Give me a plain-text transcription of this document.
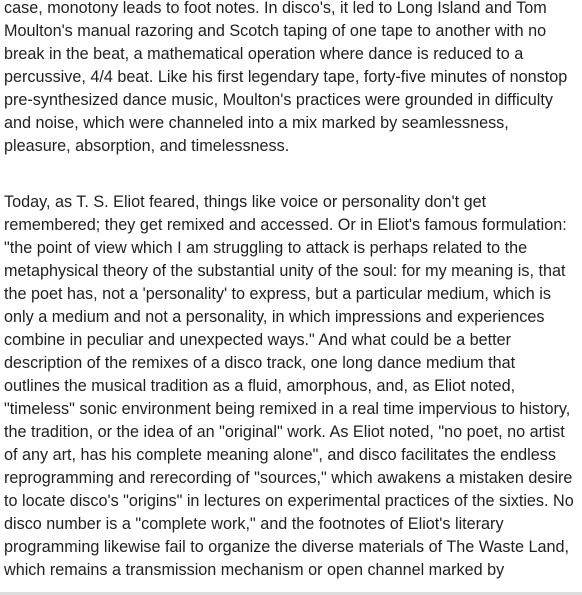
case, monotony leads to foot notes. In disco's, it led to Long Island and Tom
Moulton's manual razoring and Scotch taping of one tape to another with no
break in the beat, a mathematical operation where dance is reduced to a
percussive, 4/4 beat. Like his first legendary tape, forty-five minutes of nonstop
pre-synthesized dance music, Moulton's practices were grounded in difficulty
and noise, which were channeled into a mix marked by seamlessness,
pleasure, absorption, and timelessness.
Today, as T. S. Eliot feared, things like voice or personality don't get
remembered; they get remixed and accessed. Or in Eliot's famous formulation:
"the point of view which I am struggling to attack is perhaps related to the
metaphysical theory of the substantial unity of the soul: for my meaning is, that
the poet has, not a 'personality' to express, but a particular medium, which is
only a medium and not a personality, in which impressions and experiences
combine in peculiar and unexpected ways." And what could be a better
description of the remixes of a disco track, one long dance medium that
outlines the musical tradition as a fluid, amorphous, and, as Eliot noted,
"timeless" sonic environment being remixed in a real time impervious to history,
the tradition, or the idea of an "original" work. As Eliot noted, "no poet, no artist
of any art, has his complete meaning alone", and disco facilitates the endless
reprogramming and rerecording of "sources," which awakens a mistaken desire
to locate disco's "origins" in lectures on experimental practices of the sixties. No
disco number is a "complete work," and the footnotes of Eliot's literary
programming likewise fail to organize the diverse materials of The Waste Land,
which remains a transmission mechanism or open channel marked by
